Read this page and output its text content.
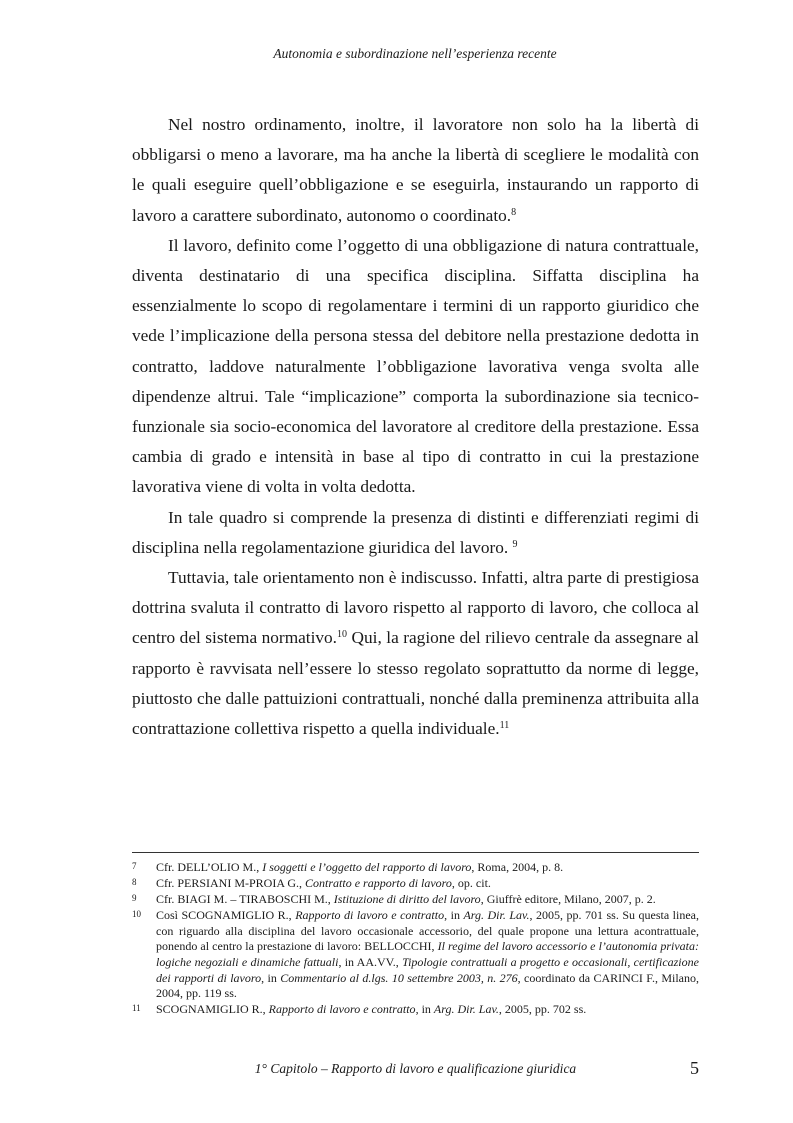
Autonomia e subordinazione nell’esperienza recente

Nel nostro ordinamento, inoltre, il lavoratore non solo ha la libertà di obbligarsi o meno a lavorare, ma ha anche la libertà di scegliere le modalità con le quali eseguire quell’obbligazione e se eseguirla, instaurando un rapporto di lavoro a carattere subordinato, autonomo o coordinato.$^8$

Il lavoro, definito come l’oggetto di una obbligazione di natura contrattuale, diventa destinatario di una specifica disciplina. Siffatta disciplina ha essenzialmente lo scopo di regolamentare i termini di un rapporto giuridico che vede l’implicazione della persona stessa del debitore nella prestazione dedotta in contratto, laddove naturalmente l’obbligazione lavorativa venga svolta alle dipendenze altrui. Tale “implicazione” comporta la subordinazione sia tecnico-funzionale sia socio-economica del lavoratore al creditore della prestazione. Essa cambia di grado e intensità in base al tipo di contratto in cui la prestazione lavorativa viene di volta in volta dedotta.

In tale quadro si comprende la presenza di distinti e differenziati regimi di disciplina nella regolamentazione giuridica del lavoro. $^9$

Tuttavia, tale orientamento non è indiscusso. Infatti, altra parte di prestigiosa dottrina svaluta il contratto di lavoro rispetto al rapporto di lavoro, che colloca al centro del sistema normativo.$^{10}$ Qui, la ragione del rilievo centrale da assegnare al rapporto è ravvisata nell’essere lo stesso regolato soprattutto da norme di legge, piuttosto che dalle pattuizioni contrattuali, nonché dalla preminenza attribuita alla contrattazione collettiva rispetto a quella individuale.$^{11}$

7	Cfr. DELL’OLIO M., I soggetti e l’oggetto del rapporto di lavoro, Roma, 2004, p. 8.
8	Cfr. PERSIANI M-PROIA G., Contratto e rapporto di lavoro, op. cit.
9	Cfr. BIAGI M. – TIRABOSCHI M., Istituzione di diritto del lavoro, Giuffrè editore, Milano, 2007, p. 2.
10	Così SCOGNAMIGLIO R., Rapporto di lavoro e contratto, in Arg. Dir. Lav., 2005, pp. 701 ss. Su questa linea, con riguardo alla disciplina del lavoro occasionale accessorio, del quale propone una lettura acontrattuale, ponendo al centro la prestazione di lavoro: BELLOCCHI, Il regime del lavoro accessorio e l’autonomia privata: logiche negoziali e dinamiche fattuali, in AA.VV., Tipologie contrattuali a progetto e occasionali, certificazione dei rapporti di lavoro, in Commentario al d.lgs. 10 settembre 2003, n. 276, coordinato da CARINCI F., Milano, 2004, pp. 119 ss.
11	SCOGNAMIGLIO R., Rapporto di lavoro e contratto, in Arg. Dir. Lav., 2005, pp. 702 ss.
1° Capitolo – Rapporto di lavoro e qualificazione giuridica	5
